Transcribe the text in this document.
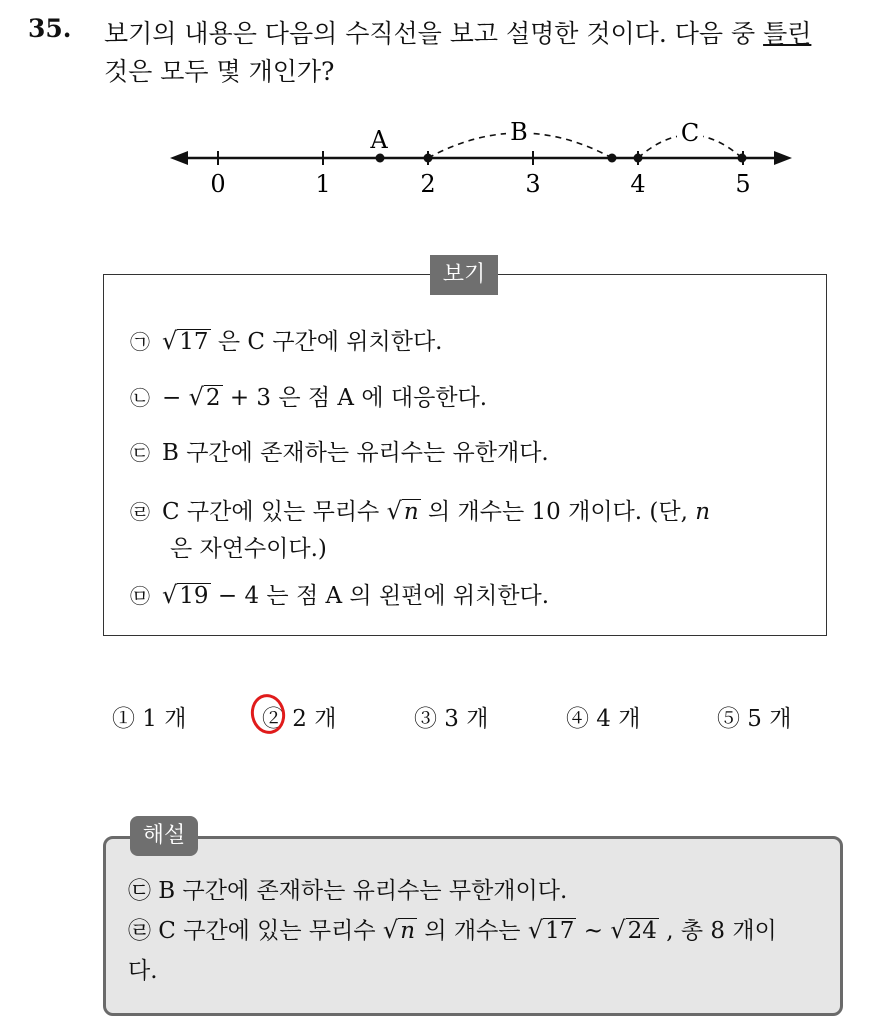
35. 보기의 내용은 다음의 수직선을 보고 설명한 것이다. 다음 중 틀린
것은 모두 몇 개인가?
0	1	2	3	4	5
A	B	C
보기
㉠ √17 은 C 구간에 위치한다.
㉡ − √2 + 3 은 점 A 에 대응한다.
㉢ B 구간에 존재하는 유리수는 유한개다.
㉣ C 구간에 있는 무리수 √n 의 개수는 10 개이다. (단, n
은 자연수이다.)
㉤ √19 − 4 는 점 A 의 왼편에 위치한다.
① 1 개	② 2 개	③ 3 개	④ 4 개	⑤ 5 개
해설
㉢ B 구간에 존재하는 유리수는 무한개이다.
㉣ C 구간에 있는 무리수 √n 의 개수는 √17 ~ √24 , 총 8 개이
다.
